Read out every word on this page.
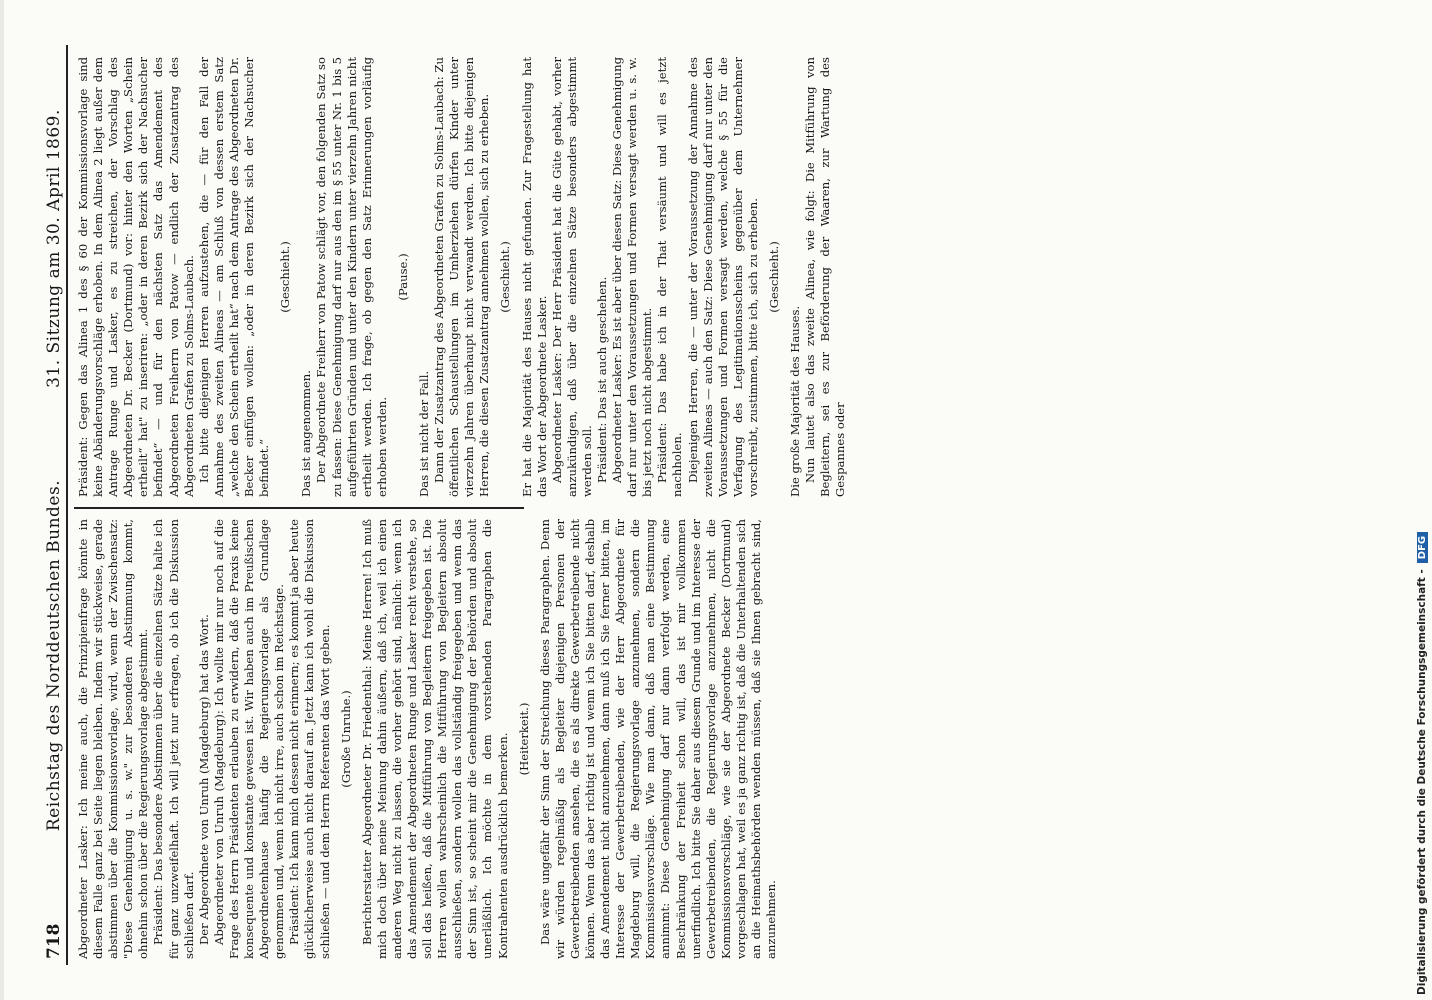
718
Reichstag des Norddeutschen Bundes.
31. Sitzung am 30. April 1869.

Abgeordneter Lasker: Ich meine auch, die Prinzipienfrage könnte in diesem Falle ganz bei Seite liegen bleiben. Indem wir stückweise, gerade abstimmen über die Kommissionsvorlage, wird, wenn der Zwischensatz: "Diese Genehmigung u. s. w." zur besonderen Abstimmung kommt, ohnehin schon über die Regierungsvorlage abgestimmt. Präsident: Das besondere Abstimmen über die einzelnen Sätze halte ich für ganz unzweifelhaft. Ich will jetzt nur erfragen, ob ich die Diskussion schließen darf. Der Abgeordnete von Unruh (Magdeburg) hat das Wort. Abgeordneter von Unruh (Magdeburg): Ich wollte mir nur noch auf die Frage des Herrn Präsidenten erlauben zu erwidern, daß die Praxis keine konsequente und konstante gewesen ist. Wir haben auch im Preußischen Abgeordnetenhause häufig die Regierungsvorlage als Grundlage genommen und, wenn ich nicht irre, auch schon im Reichstage. Präsident: Ich kann mich dessen nicht erinnern; es kommt ja aber heute glücklicherweise auch nicht darauf an. Jetzt kann ich wohl die Diskussion schließen — und dem Herrn Referenten das Wort geben. (Große Unruhe.) Berichterstatter Abgeordneter Dr. Friedenthal: Meine Herren! Ich muß mich doch über meine Meinung dahin äußern, daß ich, weil ich einen anderen Weg nicht zu lassen, die vorher gehört sind, nämlich: wenn ich das Amendement der Abgeordneten Runge und Lasker recht verstehe, so soll das heißen, daß die Mitführung von Begleitern freigegeben ist. Die Herren wollen wahrscheinlich die Mitführung von Begleitern absolut ausschließen, sondern wollen das vollständig freigegeben und wenn das der Sinn ist, so scheint mir die Genehmigung der Behörden und absolut unerläßlich. Ich möchte in dem vorstehenden Paragraphen die Kontrahenten ausdrücklich bemerken. (Heiterkeit.) Das wäre ungefähr der Sinn der Streichung dieses Paragraphen. Denn wir würden regelmäßig als Begleiter diejenigen Personen der Gewerbetreibenden ansehen, die es als direkte Gewerbetreibende nicht können. Wenn das aber richtig ist und wenn ich Sie bitten darf, deshalb das Amendement nicht anzunehmen, dann muß ich Sie ferner bitten, im Interesse der Gewerbetreibenden, wie der Herr Abgeordnete für Magdeburg will, die Regierungsvorlage anzunehmen, sondern die Kommissionsvorschläge. Wie man dann, daß man eine Bestimmung annimmt: Diese Genehmigung darf nur dann verfolgt werden, eine Beschränkung der Freiheit schon will, das ist mir vollkommen unerfindlich. Ich bitte Sie daher aus diesem Grunde und im Interesse der Gewerbetreibenden, die Regierungsvorlage anzunehmen, nicht die Kommissionsvorschläge, wie sie der Abgeordnete Becker (Dortmund) vorgeschlagen hat, weil es ja ganz richtig ist, daß die Unterhaltenden sich an die Heimathsbehörden wenden müssen, daß sie Ihnen gebracht sind, anzunehmen.

Präsident: Gegen das Alinea 1 des § 60 der Kommissionsvorlage sind keine Abänderungsvorschläge erhoben. In dem Alinea 2 liegt außer dem Antrage Runge und Lasker, es zu streichen, der Vorschlag des Abgeordneten Dr. Becker (Dortmund) vor: hinter den Worten „Schein ertheilt“ hat" zu inseriren: „oder in deren Bezirk sich der Nachsucher befindet“ — und für den nächsten Satz das Amendement des Abgeordneten Freiherrn von Patow — endlich der Zusatzantrag des Abgeordneten Grafen zu Solms-Laubach. Ich bitte diejenigen Herren aufzustehen, die — für den Fall der Annahme des zweiten Alineas — am Schluß von dessen erstem Satz „welche den Schein ertheilt hat“ nach dem Antrage des Abgeordneten Dr. Becker einfügen wollen: „oder in deren Bezirk sich der Nachsucher befindet.“

(Geschieht.)

Das ist angenommen. Der Abgeordnete Freiherr von Patow schlägt vor, den folgenden Satz so zu fassen: Diese Genehmigung darf nur aus den im § 55 unter Nr. 1 bis 5 aufgeführten Gründen und unter den Kindern unter vierzehn Jahren nicht ertheilt werden. Ich frage, ob gegen den Satz Erinnerungen vorläufig erhoben werden.

(Pause.)

Das ist nicht der Fall. Dann der Zusatzantrag des Abgeordneten Grafen zu Solms-Laubach: Zu öffentlichen Schaustellungen im Umherziehen dürfen Kinder unter vierzehn Jahren überhaupt nicht verwandt werden. Ich bitte diejenigen Herren, die diesen Zusatzantrag annehmen wollen, sich zu erheben. (Geschieht.) Er hat die Majorität des Hauses nicht gefunden. Zur Fragestellung hat das Wort der Abgeordnete Lasker. Abgeordneter Lasker: Der Herr Präsident hat die Güte gehabt, vorher anzukündigen, daß über die einzelnen Sätze besonders abgestimmt werden soll. Präsident: Das ist auch geschehen. Abgeordneter Lasker: Es ist aber über diesen Satz: Diese Genehmigung darf nur unter den Voraussetzungen und Formen versagt werden u. s. w. bis jetzt noch nicht abgestimmt. Präsident: Das habe ich in der That versäumt und will es jetzt nachholen. Diejenigen Herren, die — unter der Voraussetzung der Annahme des zweiten Alineas — auch den Satz: Diese Genehmigung darf nur unter den Voraussetzungen und Formen versagt werden, welche § 55 für die Verfagung des Legitimationsscheins gegenüber dem Unternehmer vorschreibt, zustimmen, bitte ich, sich zu erheben. (Geschieht.)

Die große Majorität des Hauses. Nun lautet also das zweite Alinea, wie folgt: Die Mitführung von Begleitern, sei es zur Beförderung der Waaren, zur Wartung des Gespannes oder

Digitalisierung gefördert durch die Deutsche Forschungsgemeinschaft -
DFG
